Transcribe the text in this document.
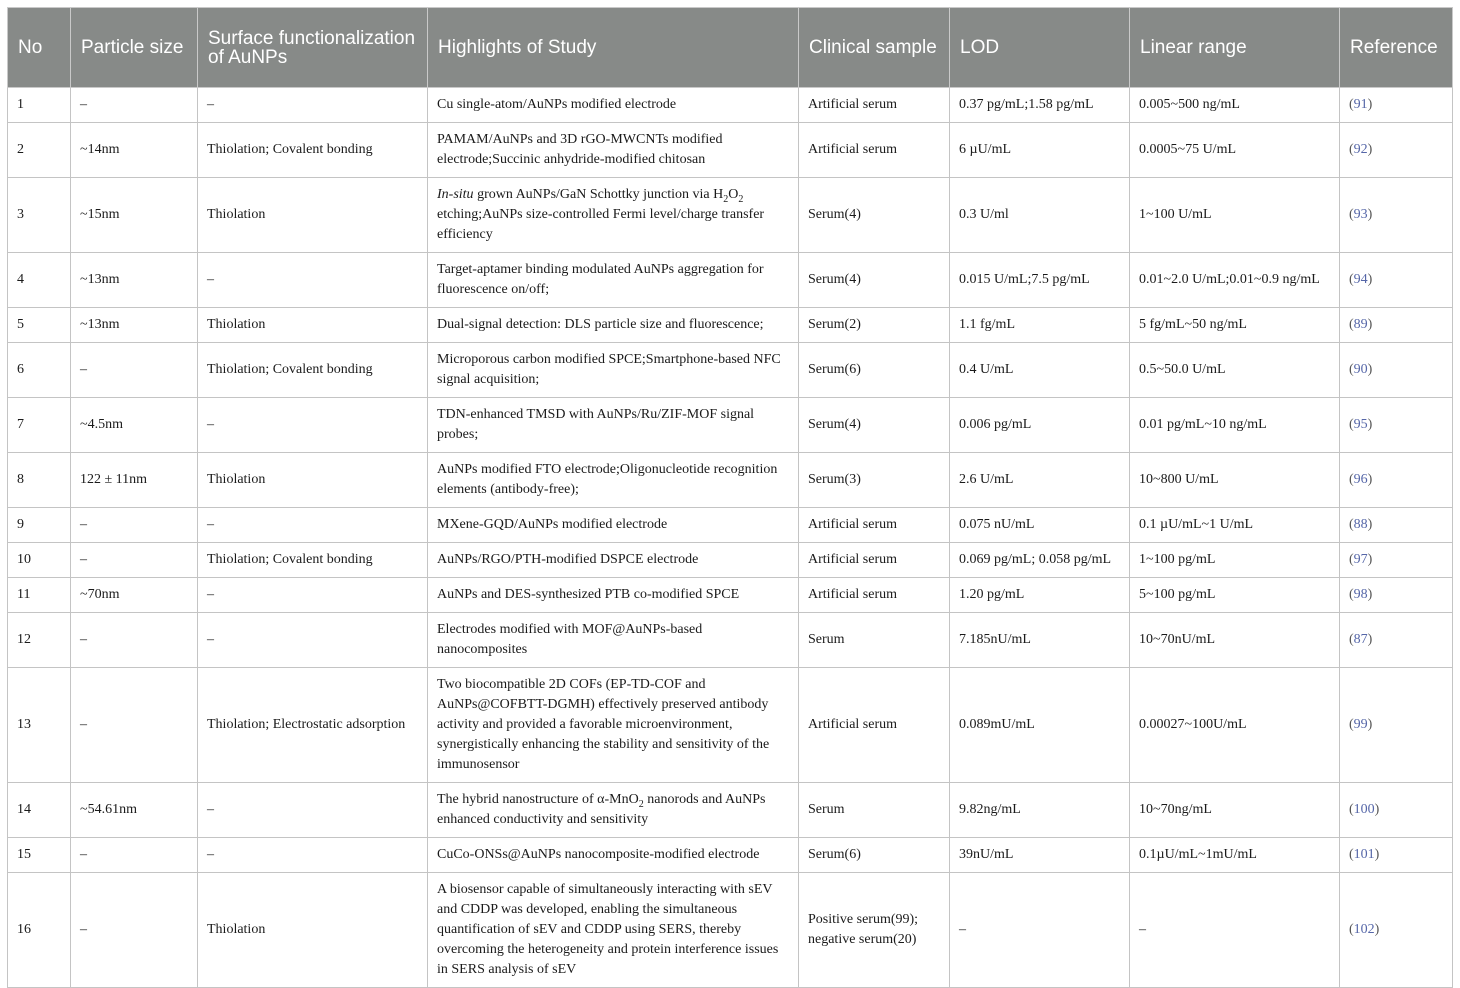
No	Particle size	Surface functionalization of AuNPs	Highlights of Study	Clinical sample	LOD	Linear range	Reference
1	–	–	Cu single-atom/AuNPs modified electrode	Artificial serum	0.37 pg/mL;1.58 pg/mL	0.005~500 ng/mL	(91)
2	~14nm	Thiolation; Covalent bonding	PAMAM/AuNPs and 3D rGO-MWCNTs modified electrode;Succinic anhydride-modified chitosan	Artificial serum	6 µU/mL	0.0005~75 U/mL	(92)
3	~15nm	Thiolation	In-situ grown AuNPs/GaN Schottky junction via $H_2O_2$ etching;AuNPs size-controlled Fermi level/charge transfer efficiency	Serum(4)	0.3 U/ml	1~100 U/mL	(93)
4	~13nm	–	Target-aptamer binding modulated AuNPs aggregation for fluorescence on/off;	Serum(4)	0.015 U/mL;7.5 pg/mL	0.01~2.0 U/mL;0.01~0.9 ng/mL	(94)
5	~13nm	Thiolation	Dual-signal detection: DLS particle size and fluorescence;	Serum(2)	1.1 fg/mL	5 fg/mL~50 ng/mL	(89)
6	–	Thiolation; Covalent bonding	Microporous carbon modified SPCE;Smartphone-based NFC signal acquisition;	Serum(6)	0.4 U/mL	0.5~50.0 U/mL	(90)
7	~4.5nm	–	TDN-enhanced TMSD with AuNPs/Ru/ZIF-MOF signal probes;	Serum(4)	0.006 pg/mL	0.01 pg/mL~10 ng/mL	(95)
8	122 ± 11nm	Thiolation	AuNPs modified FTO electrode;Oligonucleotide recognition elements (antibody-free);	Serum(3)	2.6 U/mL	10~800 U/mL	(96)
9	–	–	MXene-GQD/AuNPs modified electrode	Artificial serum	0.075 nU/mL	0.1 µU/mL~1 U/mL	(88)
10	–	Thiolation; Covalent bonding	AuNPs/RGO/PTH-modified DSPCE electrode	Artificial serum	0.069 pg/mL; 0.058 pg/mL	1~100 pg/mL	(97)
11	~70nm	–	AuNPs and DES-synthesized PTB co-modified SPCE	Artificial serum	1.20 pg/mL	5~100 pg/mL	(98)
12	–	–	Electrodes modified with MOF@AuNPs-based nanocomposites	Serum	7.185nU/mL	10~70nU/mL	(87)
13	–	Thiolation; Electrostatic adsorption	Two biocompatible 2D COFs (EP-TD-COF and AuNPs@COFBTT-DGMH) effectively preserved antibody activity and provided a favorable microenvironment, synergistically enhancing the stability and sensitivity of the immunosensor	Artificial serum	0.089mU/mL	0.00027~100U/mL	(99)
14	~54.61nm	–	The hybrid nanostructure of α-MnO$_2$ nanorods and AuNPs enhanced conductivity and sensitivity	Serum	9.82ng/mL	10~70ng/mL	(100)
15	–	–	CuCo-ONSs@AuNPs nanocomposite-modified electrode	Serum(6)	39nU/mL	0.1µU/mL~1mU/mL	(101)
16	–	Thiolation	A biosensor capable of simultaneously interacting with sEV and CDDP was developed, enabling the simultaneous quantification of sEV and CDDP using SERS, thereby overcoming the heterogeneity and protein interference issues in SERS analysis of sEV	Positive serum(99); negative serum(20)	–	–	(102)
